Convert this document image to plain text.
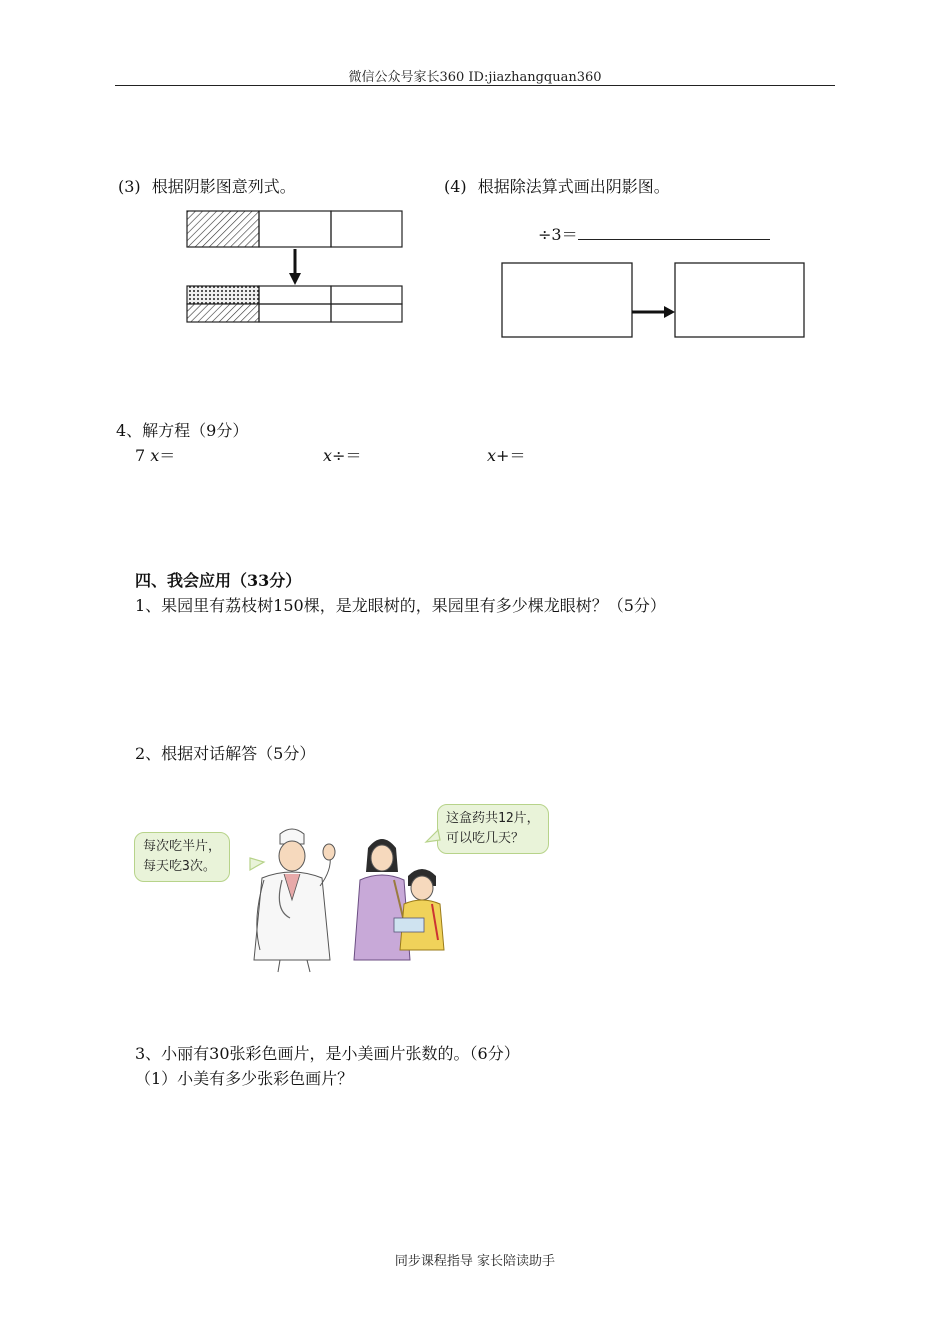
微信公众号家长360 ID:jiazhangquan360
(3) 根据阴影图意列式。	(4) 根据除法算式画出阴影图。
÷3＝
4、解方程（9分）
7 x＝	x÷＝	x+＝
四、我会应用（33分）
1、果园里有荔枝树150棵，是龙眼树的，果园里有多少棵龙眼树？（5分）
2、根据对话解答（5分）
每次吃半片，
每天吃3次。
这盒药共12片，
可以吃几天？
3、小丽有30张彩色画片，是小美画片张数的。（6分）
（1）小美有多少张彩色画片？
同步课程指导 家长陪读助手
